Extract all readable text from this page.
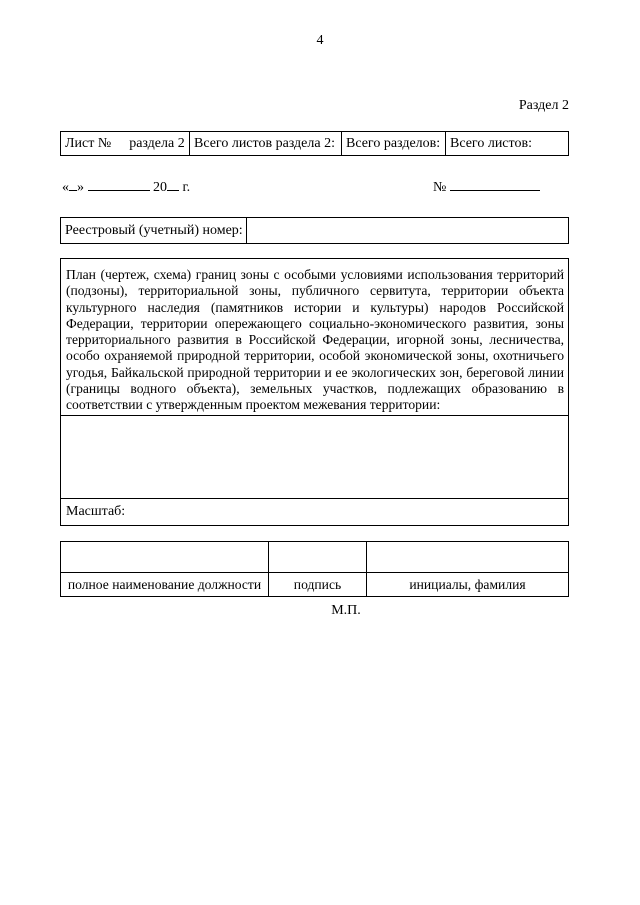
4
Раздел 2
Лист № раздела 2 Всего листов раздела 2: Всего разделов: Всего листов:
« »	20 г.	№
Реестровый (учетный) номер:
План (чертеж, схема) границ зоны с особыми условиями использования территорий (подзоны), территориальной зоны, публичного сервитута, территории объекта культурного наследия (памятников истории и культуры) народов Российской Федерации, территории опережающего социально-экономического развития, зоны территориального развития в Российской Федерации, игорной зоны, лесничества, особо охраняемой природной территории, особой экономической зоны, охотничьего угодья, Байкальской природной территории и ее экологических зон, береговой линии (границы водного объекта), земельных участков, подлежащих образованию в соответствии с утвержденным проектом межевания территории:
Масштаб:
полное наименование должности	подпись	инициалы, фамилия
М.П.
